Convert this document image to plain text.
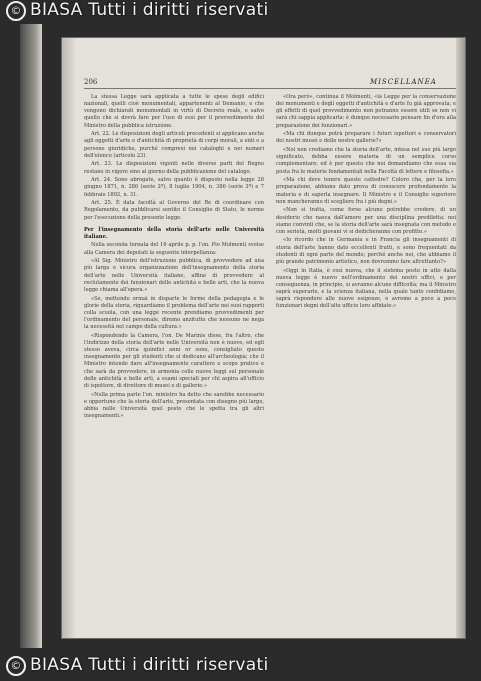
© BIASA Tutti i diritti riservati
206	MISCELLANEA

La stessa Legge sarà applicata a tutte le spese degli edifici nazionali, quelli cioè monumentali, appartenenti al Demanio, e che vengono dichiarati monumentali in virtù di Decreto reale, e salvo quello che si dovrà fare per l'uso di essi per il provvedimento del Ministro della pubblica istruzione.

Art. 22. Le disposizioni degli articoli precedenti si applicano anche agli oggetti d'arte e d'antichità di proprietà di corpi morali, a enti e a persone giuridiche, purché compresi nei cataloghi e nei numeri dell'elenco (articolo 23).

Art. 23. Le disposizioni vigenti nelle diverse parti del Regno restano in vigore sino al giorno della pubblicazione del catalogo.

Art. 24. Sono abrogate, salvo quanto è disposto nella legge 28 giugno 1871, n. 286 (serie 2ª), 8 luglio 1904, n. 386 (serie 3ª) e 7 febbraio 1892, n. 31.

Art. 25. È data facoltà al Governo del Re di coordinare con Regolamento, da pubblicarsi sentito il Consiglio di Stato, le norme per l'esecuzione della presente legge.

Per l'insegnamento della storia dell'arte nelle Università italiane.

Nella seconda tornata del 16 aprile p. p. l'on. Pio Molmenti svolse alla Camera dei deputati la seguente interpellanza:

«Al Sig. Ministro dell'istruzione pubblica, di provvedere ad una più larga e sicura organizzazione dell'insegnamento della storia dell'arte nelle Università italiane, affine di provvedere al reclutamento dei funzionari delle antichità e belle arti, che la nuova legge chiama all'opera.»

«Se, mettendo ormai in disparte le forme della pedagogia e le glorie della storia, riguardiamo il problema dell'arte nei suoi rapporti colla scuola, con una legge recente prendiamo provvedimenti per l'ordinamento del personale, diremo anzitutto che nessuno ne nega la necessità nel campo della cultura.»

«Rispondendo la Camera, l'on. De Marinis disse, fra l'altro, che l'indirizzo della storia dell'arte nelle Università non è nuovo, ed egli stesso aveva, circa quindici anni or sono, consigliato questo insegnamento per gli studenti che si dedicano all'archeologia; che il Ministro intende dare all'insegnamento carattere e scopo pratico e che sarà da provvedere, in armonia colle nuove leggi sul personale delle antichità e belle arti, a esami speciali per chi aspira all'ufficio di ispettore, di direttore di musei e di gallerie.»

«Nella prima parte l'on. ministro ha detto che sarebbe necessario e opportuno che la storia dell'arte, presentata con disegno più largo, abbia nelle Università quel posto che le spetta tra gli altri insegnamenti.»

«Ora però», continua il Molmenti, «la Legge per la conservazione dei monumenti e degli oggetti d'antichità e d'arte fu già approvata; e gli effetti di quel provvedimento non potranno essere utili se non vi sarà chi sappia applicarla: è dunque necessario pensare fin d'ora alla preparazione dei funzionari.»

«Ma chi dunque potrà preparare i futuri ispettori e conservatori dei nostri musei e delle nostre gallerie?»

«Noi non crediamo che la storia dell'arte, intesa nel suo più largo significato, debba essere materia di un semplice corso complementare; ed è per questo che noi domandiamo che essa sia posta fra le materie fondamentali nella Facoltà di lettere e filosofia.»

«Ma chi deve tenere queste cattedre? Coloro che, per la loro preparazione, abbiano dato prova di conoscere profondamente la materia e di saperla insegnare. Il Ministro e il Consiglio superiore non mancheranno di scegliere fra i più degni.»

«Non si tratta, come forse alcuno potrebbe credere, di un desiderio che nasca dall'amore per una disciplina prediletta: noi siamo convinti che, se la storia dell'arte sarà insegnata con metodo e con serietà, molti giovani vi si dedicheranno con profitto.»

«Io ricordo che in Germania e in Francia gli insegnamenti di storia dell'arte hanno dato eccellenti frutti, e sono frequentati da studenti di ogni parte del mondo; perché anche noi, che abbiamo il più grande patrimonio artistico, non dovremmo fare altrettanto?»

«Oggi in Italia, è così nuova, che il sistema posto in atto dalla nuova legge è nuovo nell'ordinamento dei nostri uffici, e per conseguenza, in principio, si avranno alcune difficoltà; ma il Ministro saprà superarle, e la scienza italiana, nella quale tanto confidiamo, saprà rispondere alle nuove esigenze, e avremo a poco a poco funzionari degni dell'alto ufficio loro affidato.»

© BIASA Tutti i diritti riservati
